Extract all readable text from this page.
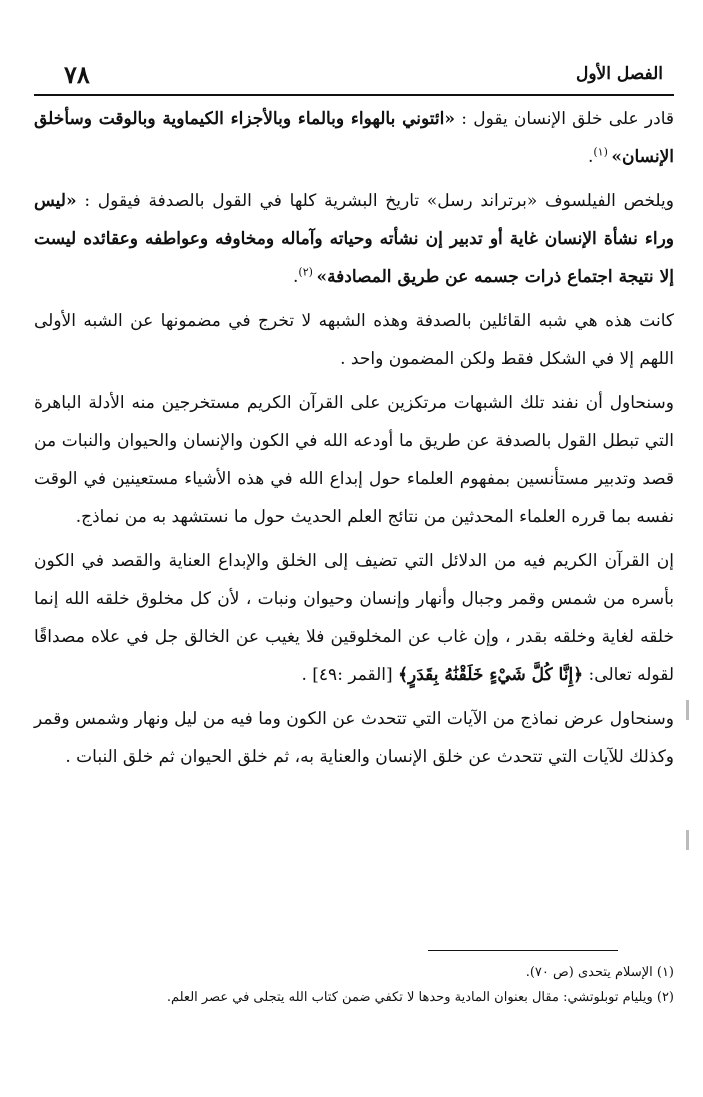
الفصل الأول
٧٨

قادر على خلق الإنسان يقول : «ائتوني بالهواء وبالماء وبالأجزاء الكيماوية وبالوقت وسأخلق الإنسان» $^{(١)}$.

ويلخص الفيلسوف «برتراند رسل» تاريخ البشرية كلها في القول بالصدفة فيقول : «ليس وراء نشأة الإنسان غاية أو تدبير إن نشأته وحياته وآماله ومخاوفه وعواطفه وعقائده ليست إلا نتيجة اجتماع ذرات جسمه عن طريق المصادفة» $^{(٢)}$.

كانت هذه هي شبه القائلين بالصدفة وهذه الشبهه لا تخرج في مضمونها عن الشبه الأولى اللهم إلا في الشكل فقط ولكن المضمون واحد .

وسنحاول أن نفند تلك الشبهات مرتكزين على القرآن الكريم مستخرجين منه الأدلة الباهرة التي تبطل القول بالصدفة عن طريق ما أودعه الله في الكون والإنسان والحيوان والنبات من قصد وتدبير مستأنسين بمفهوم العلماء حول إبداع الله في هذه الأشياء مستعينين في الوقت نفسه بما قرره العلماء المحدثين من نتائج العلم الحديث حول ما نستشهد به من نماذج.

إن القرآن الكريم فيه من الدلائل التي تضيف إلى الخلق والإبداع العناية والقصد في الكون بأسره من شمس وقمر وجبال وأنهار وإنسان وحيوان ونبات ، لأن كل مخلوق خلقه الله إنما خلقه لغاية وخلقه بقدر ، وإن غاب عن المخلوقين فلا يغيب عن الخالق جل في علاه مصداقًا لقوله تعالى: ﴿إِنَّا كُلَّ شَيْءٍ خَلَقْنَٰهُ بِقَدَرٍ﴾ [القمر :٤٩] .

وسنحاول عرض نماذج من الآيات التي تتحدث عن الكون وما فيه من ليل ونهار وشمس وقمر وكذلك للآيات التي تتحدث عن خلق الإنسان والعناية به، ثم خلق الحيوان ثم خلق النبات .

(١) الإسلام يتحدى (ص ٧٠).

(٢) ويليام توبلوتشي: مقال بعنوان المادية وحدها لا تكفي ضمن كتاب الله يتجلى في عصر العلم.
